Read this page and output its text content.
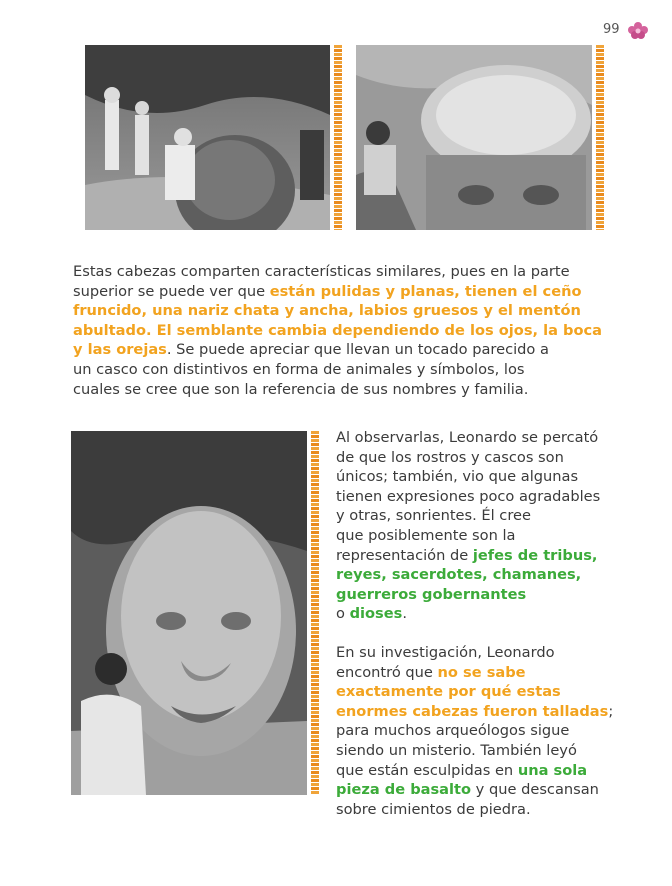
99

Estas cabezas comparten características similares, pues en la parte
superior se puede ver que están pulidas y planas, tienen el ceño
fruncido, una nariz chata y ancha, labios gruesos y el mentón
abultado. El semblante cambia dependiendo de los ojos, la boca
y las orejas. Se puede apreciar que llevan un tocado parecido a
un casco con distintivos en forma de animales y símbolos, los
cuales se cree que son la referencia de sus nombres y familia.

Al observarlas, Leonardo se percató
de que los rostros y cascos son
únicos; también, vio que algunas
tienen expresiones poco agradables
y otras, sonrientes. Él cree
que posiblemente son la
representación de jefes de tribus,
reyes, sacerdotes, chamanes,
guerreros gobernantes
o dioses.

En su investigación, Leonardo
encontró que no se sabe
exactamente por qué estas
enormes cabezas fueron talladas;
para muchos arqueólogos sigue
siendo un misterio. También leyó
que están esculpidas en una sola
pieza de basalto y que descansan
sobre cimientos de piedra.
